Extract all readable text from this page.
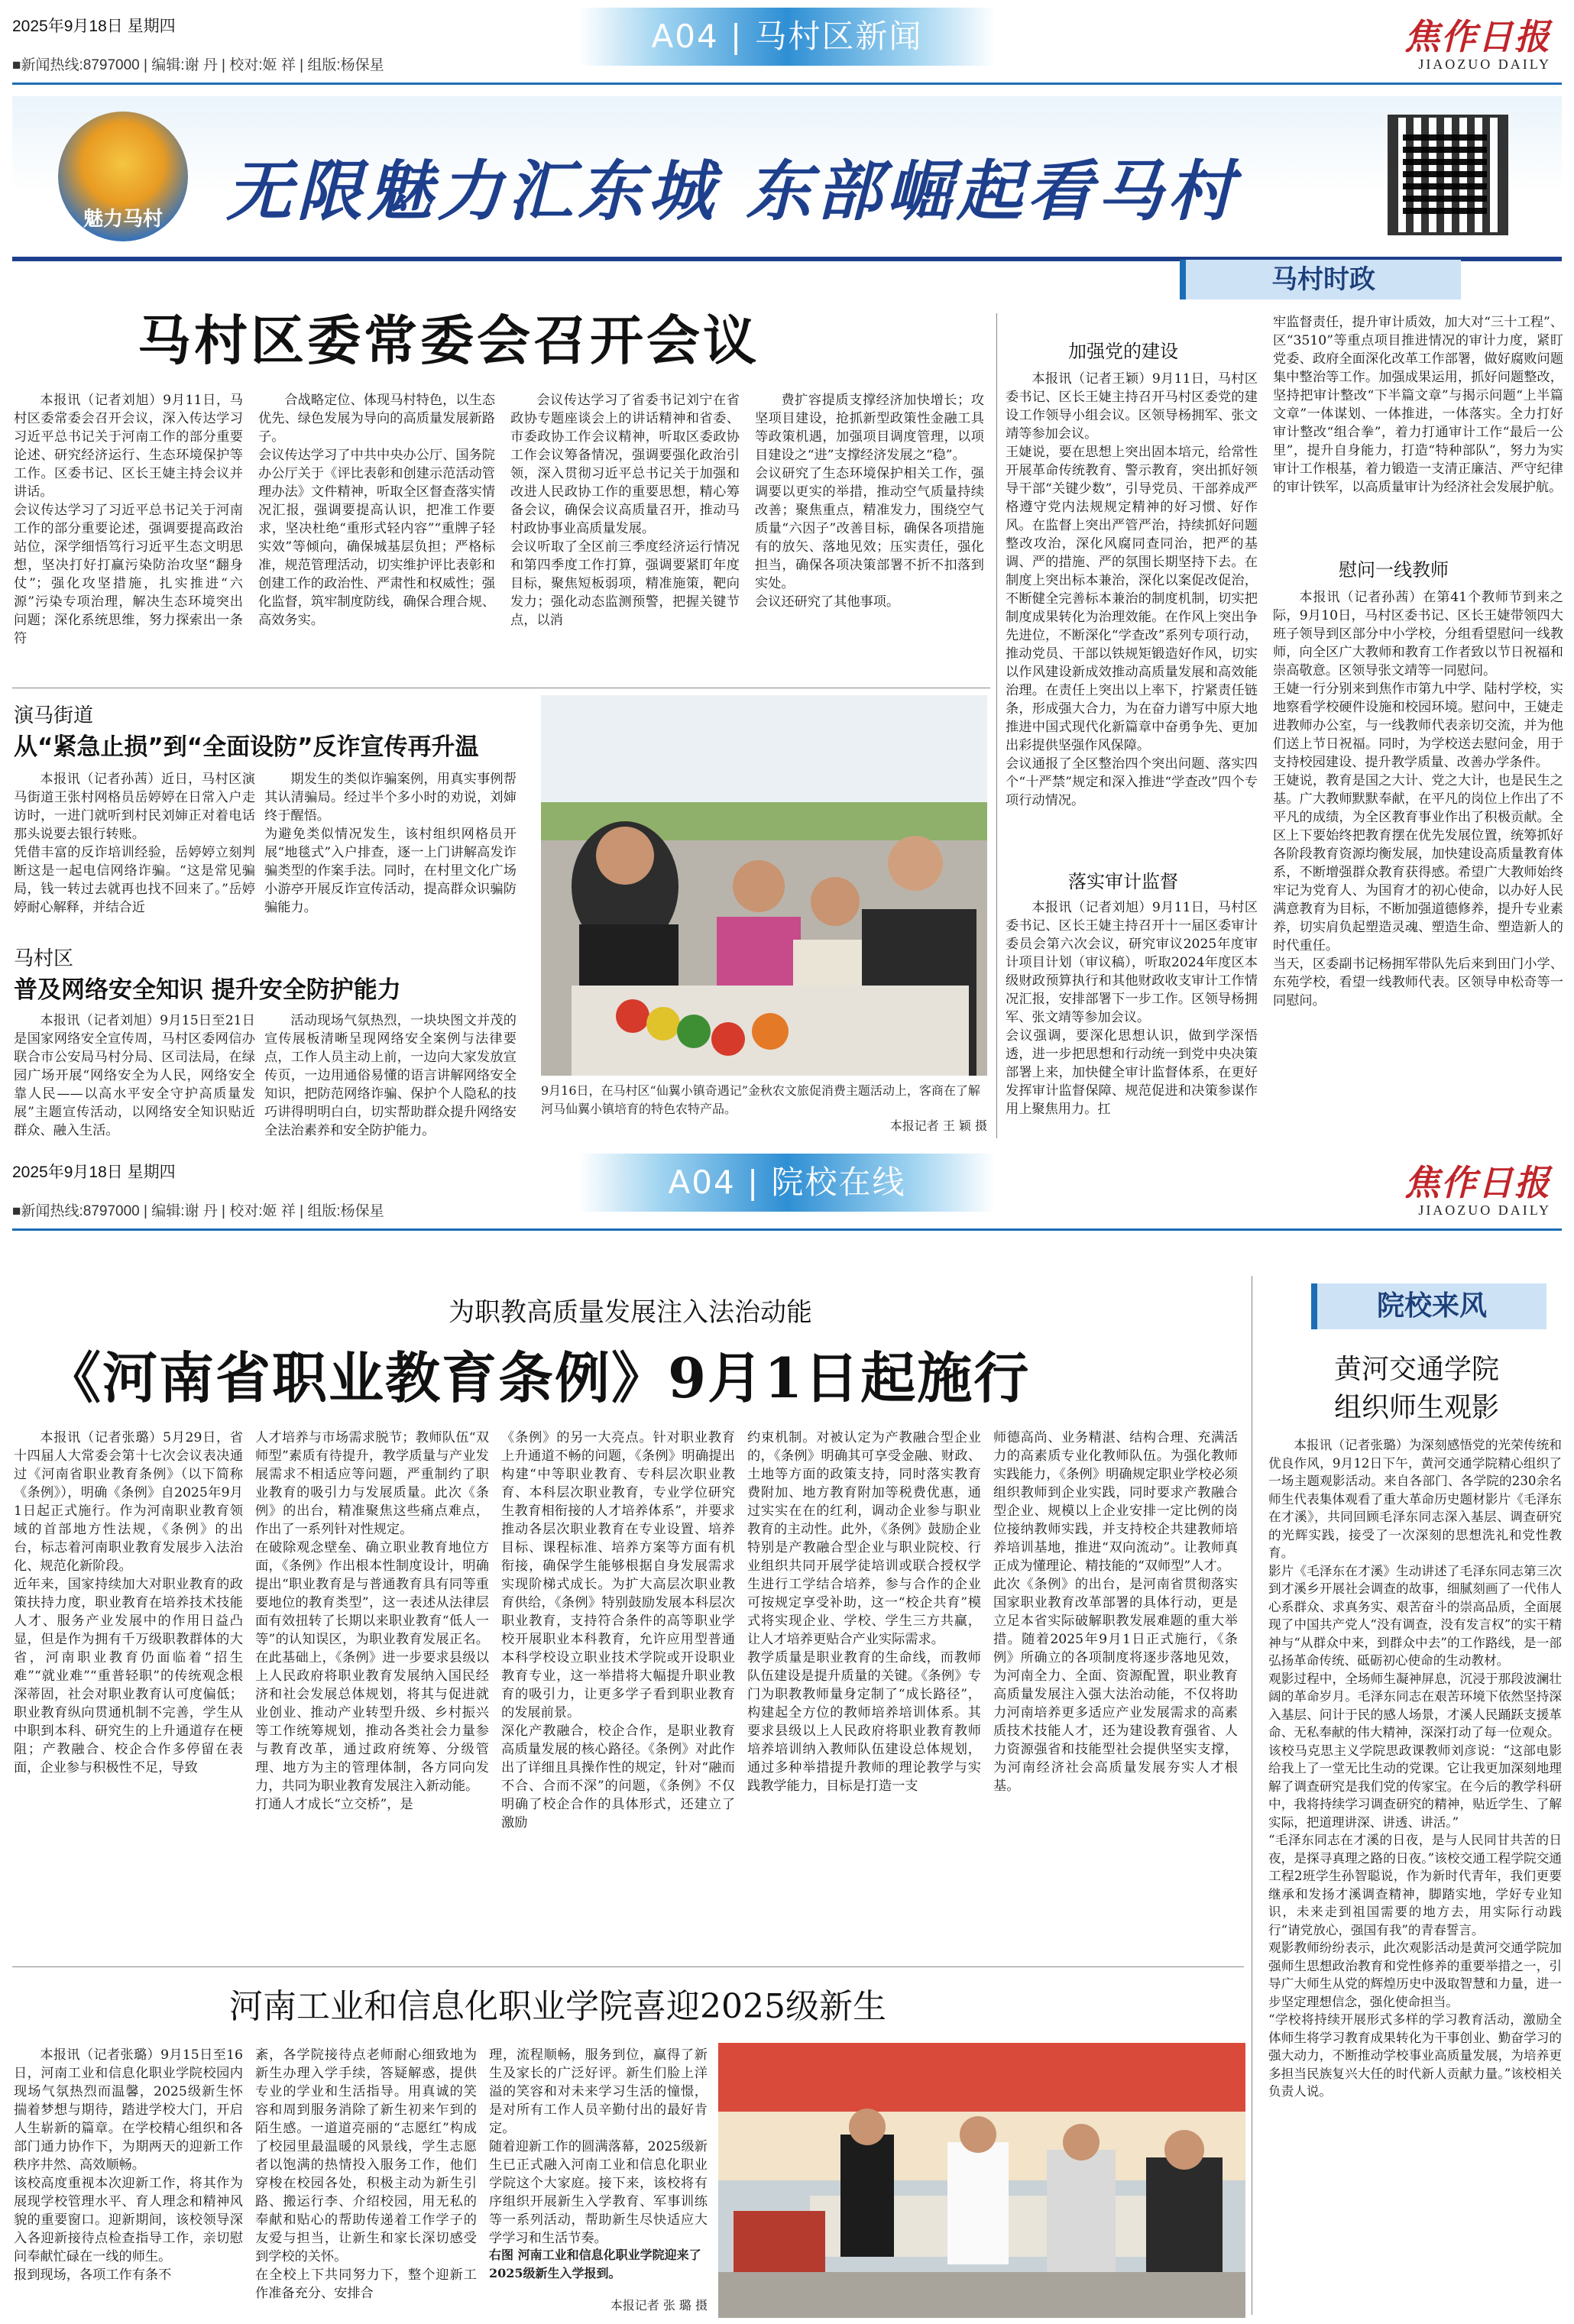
2025年9月18日 星期四
■新闻热线:8797000 | 编辑:谢 丹 | 校对:姬 祥 | 组版:杨保星
A04 | 马村区新闻	焦作日报
JIAOZUO DAILY
魅力马村 无限魅力汇东城 东部崛起看马村
马村时政
马村区委常委会召开会议
本报讯（记者刘旭）9月11日，马村区委常委会召开会议，深入传达学习习近平总书记关于河南工作的部分重要论述、研究经济运行、生态环境保护等工作。区委书记、区长王婕主持会议并讲话。
会议传达学习了习近平总书记关于河南工作的部分重要论述，强调要提高政治站位，深学细悟笃行习近平生态文明思想，坚决打好打赢污染防治攻坚“翻身仗”；强化攻坚措施，扎实推进“六源”污染专项治理，解决生态环境突出问题；深化系统思维，努力探索出一条符
合战略定位、体现马村特色，以生态优先、绿色发展为导向的高质量发展新路子。
会议传达学习了中共中央办公厅、国务院办公厅关于《评比表彰和创建示范活动管理办法》文件精神，听取全区督查落实情况汇报，强调要提高认识，把准工作要求，坚决杜绝“重形式轻内容”“重牌子轻实效”等倾向，确保城基层负担；严格标准，规范管理活动，切实维护评比表彰和创建工作的政治性、严肃性和权威性；强化监督，筑牢制度防线，确保合理合规、高效务实。
会议传达学习了省委书记刘宁在省政协专题座谈会上的讲话精神和省委、市委政协工作会议精神，听取区委政协工作会议筹备情况，强调要强化政治引领，深入贯彻习近平总书记关于加强和改进人民政协工作的重要思想，精心筹备会议，确保会议高质量召开，推动马村政协事业高质量发展。
会议听取了全区前三季度经济运行情况和第四季度工作打算，强调要紧盯年度目标，聚焦短板弱项，精准施策，靶向发力；强化动态监测预警，把握关键节点，以消
费扩容提质支撑经济加快增长；攻坚项目建设，抢抓新型政策性金融工具等政策机遇，加强项目调度管理，以项目建设之“进”支撑经济发展之“稳”。
会议研究了生态环境保护相关工作，强调要以更实的举措，推动空气质量持续改善；聚焦重点，精准发力，围绕空气质量“六因子”改善目标，确保各项措施有的放矢、落地见效；压实责任，强化担当，确保各项决策部署不折不扣落到实处。
会议还研究了其他事项。
加强党的建设
本报讯（记者王颖）9月11日，马村区委书记、区长王婕主持召开马村区委党的建设工作领导小组会议。区领导杨拥军、张文靖等参加会议。
王婕说，要在思想上突出固本培元，给常性开展革命传统教育、警示教育，突出抓好领导干部“关键少数”，引导党员、干部养成严格遵守党内法规规定精神的好习惯、好作风。在监督上突出严管严治，持续抓好问题整改攻治，深化风腐同查同治，把严的基调、严的措施、严的氛围长期坚持下去。在制度上突出标本兼治，深化以案促改促治，不断健全完善标本兼治的制度机制，切实把制度成果转化为治理效能。在作风上突出争先进位，不断深化“学查改”系列专项行动，推动党员、干部以铁规矩锻造好作风，切实以作风建设新成效推动高质量发展和高效能治理。在责任上突出以上率下，拧紧责任链条，形成强大合力，为在奋力谱写中原大地推进中国式现代化新篇章中奋勇争先、更加出彩提供坚强作风保障。
会议通报了全区整治四个突出问题、落实四个“十严禁”规定和深入推进“学查改”四个专项行动情况。
落实审计监督
本报讯（记者刘旭）9月11日，马村区委书记、区长王婕主持召开十一届区委审计委员会第六次会议，研究审议2025年度审计项目计划（审议稿），听取2024年度区本级财政预算执行和其他财政收支审计工作情况汇报，安排部署下一步工作。区领导杨拥军、张文靖等参加会议。
会议强调，要深化思想认识，做到学深悟透，进一步把思想和行动统一到党中央决策部署上来，加快健全审计监督体系，在更好发挥审计监督保障、规范促进和决策参谋作用上聚焦用力。扛
牢监督责任，提升审计质效，加大对“三十工程”、区“3510”等重点项目推进情况的审计力度，紧盯党委、政府全面深化改革工作部署，做好腐败问题集中整治等工作。加强成果运用，抓好问题整改，坚持把审计整改“下半篇文章”与揭示问题“上半篇文章”一体谋划、一体推进，一体落实。全力打好审计整改“组合拳”，着力打通审计工作“最后一公里”，提升自身能力，打造“特种部队”，努力为实审计工作根基，着力锻造一支清正廉洁、严守纪律的审计铁军，以高质量审计为经济社会发展护航。
慰问一线教师
本报讯（记者孙茜）在第41个教师节到来之际，9月10日，马村区委书记、区长王婕带领四大班子领导到区部分中小学校，分组看望慰问一线教师，向全区广大教师和教育工作者致以节日祝福和崇高敬意。区领导张文靖等一同慰问。
王婕一行分别来到焦作市第九中学、陆村学校，实地察看学校硬件设施和校园环境。慰问中，王婕走进教师办公室，与一线教师代表亲切交流，并为他们送上节日祝福。同时，为学校送去慰问金，用于支持校园建设、提升教学质量、改善办学条件。
王婕说，教育是国之大计、党之大计，也是民生之基。广大教师默默奉献，在平凡的岗位上作出了不平凡的成绩，为全区教育事业作出了积极贡献。全区上下要始终把教育摆在优先发展位置，统筹抓好各阶段教育资源均衡发展，加快建设高质量教育体系，不断增强群众教育获得感。希望广大教师始终牢记为党育人、为国育才的初心使命，以办好人民满意教育为目标，不断加强道德修养，提升专业素养，切实肩负起塑造灵魂、塑造生命、塑造新人的时代重任。
当天，区委副书记杨拥军带队先后来到田门小学、东苑学校，看望一线教师代表。区领导申松奇等一同慰问。
演马街道
从“紧急止损”到“全面设防”反诈宣传再升温
本报讯（记者孙茜）近日，马村区演马街道王张村网格员岳婷婷在日常入户走访时，一进门就听到村民刘婶正对着电话那头说要去银行转账。
凭借丰富的反诈培训经验，岳婷婷立刻判断这是一起电信网络诈骗。“这是常见骗局，钱一转过去就再也找不回来了。”岳婷婷耐心解释，并结合近
期发生的类似诈骗案例，用真实事例帮其认清骗局。经过半个多小时的劝说，刘婶终于醒悟。
为避免类似情况发生，该村组织网格员开展“地毯式”入户排查，逐一上门讲解高发诈骗类型的作案手法。同时，在村里文化广场小游亭开展反诈宣传活动，提高群众识骗防骗能力。
马村区
普及网络安全知识 提升安全防护能力
本报讯（记者刘旭）9月15日至21日是国家网络安全宣传周，马村区委网信办联合市公安局马村分局、区司法局，在绿园广场开展“网络安全为人民，网络安全靠人民——以高水平安全守护高质量发展”主题宣传活动，以网络安全知识贴近群众、融入生活。
活动现场气氛热烈，一块块图文并茂的宣传展板清晰呈现网络安全案例与法律要点，工作人员主动上前，一边向大家发放宣传页，一边用通俗易懂的语言讲解网络安全知识，把防范网络诈骗、保护个人隐私的技巧讲得明明白白，切实帮助群众提升网络安全法治素养和安全防护能力。
9月16日，在马村区“仙翼小镇奇遇记”金秋农文旅促消费主题活动上，客商在了解河马仙翼小镇培育的特色农特产品。
本报记者 王 颖 摄
2025年9月18日 星期四
■新闻热线:8797000 | 编辑:谢 丹 | 校对:姬 祥 | 组版:杨保星
A04 | 院校在线	焦作日报
JIAOZUO DAILY
院校来风
为职教高质量发展注入法治动能
《河南省职业教育条例》9月1日起施行
本报讯（记者张璐）5月29日，省十四届人大常委会第十七次会议表决通过《河南省职业教育条例》（以下简称《条例》），明确《条例》自2025年9月1日起正式施行。作为河南职业教育领域的首部地方性法规，《条例》的出台，标志着河南职业教育发展步入法治化、规范化新阶段。
近年来，国家持续加大对职业教育的政策扶持力度，职业教育在培养技术技能人才、服务产业发展中的作用日益凸显，但是作为拥有千万级职教群体的大省，河南职业教育仍面临着“招生难”“就业难”“重普轻职”的传统观念根深蒂固，社会对职业教育认可度偏低；职业教育纵向贯通机制不完善，学生从中职到本科、研究生的上升通道存在梗阻；产教融合、校企合作多停留在表面，企业参与积极性不足，导致
人才培养与市场需求脱节；教师队伍“双师型”素质有待提升，教学质量与产业发展需求不相适应等问题，严重制约了职业教育的吸引力与发展质量。此次《条例》的出台，精准聚焦这些痛点难点，作出了一系列针对性规定。
在破除观念壁垒、确立职业教育地位方面，《条例》作出根本性制度设计，明确提出“职业教育是与普通教育具有同等重要地位的教育类型”，这一表述从法律层面有效扭转了长期以来职业教育“低人一等”的认知误区，为职业教育发展正名。在此基础上，《条例》进一步要求县级以上人民政府将职业教育发展纳入国民经济和社会发展总体规划，将其与促进就业创业、推动产业转型升级、乡村振兴等工作统筹规划，推动各类社会力量参与教育改革，通过政府统筹、分级管理、地方为主的管理体制，各方同向发力，共同为职业教育发展注入新动能。
打通人才成长“立交桥”，是
《条例》的另一大亮点。针对职业教育上升通道不畅的问题，《条例》明确提出构建“中等职业教育、专科层次职业教育、本科层次职业教育，专业学位研究生教育相衔接的人才培养体系”，并要求推动各层次职业教育在专业设置、培养目标、课程标准、培养方案等方面有机衔接，确保学生能够根据自身发展需求实现阶梯式成长。为扩大高层次职业教育供给，《条例》特别鼓励发展本科层次职业教育，支持符合条件的高等职业学校开展职业本科教育，允许应用型普通本科学校设立职业技术学院或开设职业教育专业，这一举措将大幅提升职业教育的吸引力，让更多学子看到职业教育的发展前景。
深化产教融合，校企合作，是职业教育高质量发展的核心路径。《条例》对此作出了详细且具操作性的规定，针对“融而不合、合而不深”的问题，《条例》不仅明确了校企合作的具体形式，还建立了激励
约束机制。对被认定为产教融合型企业的，《条例》明确其可享受金融、财政、土地等方面的政策支持，同时落实教育费附加、地方教育附加等税费优惠，通过实实在在的红利，调动企业参与职业教育的主动性。此外，《条例》鼓励企业特别是产教融合型企业与职业院校、行业组织共同开展学徒培训或联合授权学生进行工学结合培养，参与合作的企业可按规定享受补助，这一“校企共育”模式将实现企业、学校、学生三方共赢，让人才培养更贴合产业实际需求。
教学质量是职业教育的生命线，而教师队伍建设是提升质量的关键。《条例》专门为职教教师量身定制了“成长路径”，构建起全方位的教师培养培训体系。其要求县级以上人民政府将职业教育教师培养培训纳入教师队伍建设总体规划，通过多种举措提升教师的理论教学与实践教学能力，目标是打造一支
师德高尚、业务精湛、结构合理、充满活力的高素质专业化教师队伍。为强化教师实践能力，《条例》明确规定职业学校必须组织教师到企业实践，同时要求产教融合型企业、规模以上企业安排一定比例的岗位接纳教师实践，并支持校企共建教师培养培训基地，推进“双向流动”。让教师真正成为懂理论、精技能的“双师型”人才。
此次《条例》的出台，是河南省贯彻落实国家职业教育改革部署的具体行动，更是立足本省实际破解职教发展难题的重大举措。随着2025年9月1日正式施行，《条例》所确立的各项制度将逐步落地见效，为河南全力、全面、资源配置，职业教育高质量发展注入强大法治动能，不仅将助力河南培养更多适应产业发展需求的高素质技术技能人才，还为建设教育强省、人力资源强省和技能型社会提供坚实支撑，为河南经济社会高质量发展夯实人才根基。
河南工业和信息化职业学院喜迎2025级新生
本报讯（记者张璐）9月15日至16日，河南工业和信息化职业学院校园内现场气氛热烈而温馨，2025级新生怀揣着梦想与期待，踏进学校大门，开启人生崭新的篇章。在学校精心组织和各部门通力协作下，为期两天的迎新工作秩序井然、高效顺畅。
该校高度重视本次迎新工作，将其作为展现学校管理水平、育人理念和精神风貌的重要窗口。迎新期间，该校领导深入各迎新接待点检查指导工作，亲切慰问奉献忙碌在一线的师生。
报到现场，各项工作有条不
紊，各学院接待点老师耐心细致地为新生办理入学手续，答疑解惑，提供专业的学业和生活指导。用真诚的笑容和周到服务消除了新生初来乍到的陌生感。一道道亮丽的“志愿红”构成了校园里最温暖的风景线，学生志愿者以饱满的热情投入服务工作，他们穿梭在校园各处，积极主动为新生引路、搬运行李、介绍校园，用无私的奉献和贴心的帮助传递着工作学子的友爱与担当，让新生和家长深切感受到学校的关怀。
在全校上下共同努力下，整个迎新工作准备充分、安排合
理，流程顺畅，服务到位，赢得了新生及家长的广泛好评。新生们脸上洋溢的笑容和对未来学习生活的憧憬，是对所有工作人员辛勤付出的最好肯定。
随着迎新工作的圆满落幕，2025级新生已正式融入河南工业和信息化职业学院这个大家庭。接下来，该校将有序组织开展新生入学教育、军事训练等一系列活动，帮助新生尽快适应大学学习和生活节奏。
右图 河南工业和信息化职业学院迎来了2025级新生入学报到。
本报记者 张 璐 摄
黄河交通学院
组织师生观影
本报讯（记者张璐）为深刻感悟党的光荣传统和优良作风，9月12日下午，黄河交通学院精心组织了一场主题观影活动。来自各部门、各学院的230余名师生代表集体观看了重大革命历史题材影片《毛泽东在才溪》，共同回顾毛泽东同志深入基层、调查研究的光辉实践，接受了一次深刻的思想洗礼和党性教育。
影片《毛泽东在才溪》生动讲述了毛泽东同志第三次到才溪乡开展社会调查的故事，细腻刻画了一代伟人心系群众、求真务实、艰苦奋斗的崇高品质，全面展现了中国共产党人“没有调查，没有发言权”的实干精神与“从群众中来，到群众中去”的工作路线，是一部弘扬革命传统、砥砺初心使命的生动教材。
观影过程中，全场师生凝神屏息，沉浸于那段波澜壮阔的革命岁月。毛泽东同志在艰苦环境下依然坚持深入基层、问计于民的感人场景，才溪人民踊跃支援革命、无私奉献的伟大精神，深深打动了每一位观众。
该校马克思主义学院思政课教师刘彦说：“这部电影给我上了一堂无比生动的党课。它让我更加深刻地理解了调查研究是我们党的传家宝。在今后的教学科研中，我将持续学习调查研究的精神，贴近学生、了解实际，把道理讲深、讲透、讲活。”
“毛泽东同志在才溪的日夜，是与人民同甘共苦的日夜，是探寻真理之路的日夜。”该校交通工程学院交通工程2班学生孙智聪说，作为新时代青年，我们更要继承和发扬才溪调查精神，脚踏实地，学好专业知识，未来走到祖国需要的地方去，用实际行动践行“请党放心，强国有我”的青春誓言。
观影教师纷纷表示，此次观影活动是黄河交通学院加强师生思想政治教育和党性修养的重要举措之一，引导广大师生从党的辉煌历史中汲取智慧和力量，进一步坚定理想信念，强化使命担当。
“学校将持续开展形式多样的学习教育活动，激励全体师生将学习教育成果转化为干事创业、勤奋学习的强大动力，不断推动学校事业高质量发展，为培养更多担当民族复兴大任的时代新人贡献力量。”该校相关负责人说。
